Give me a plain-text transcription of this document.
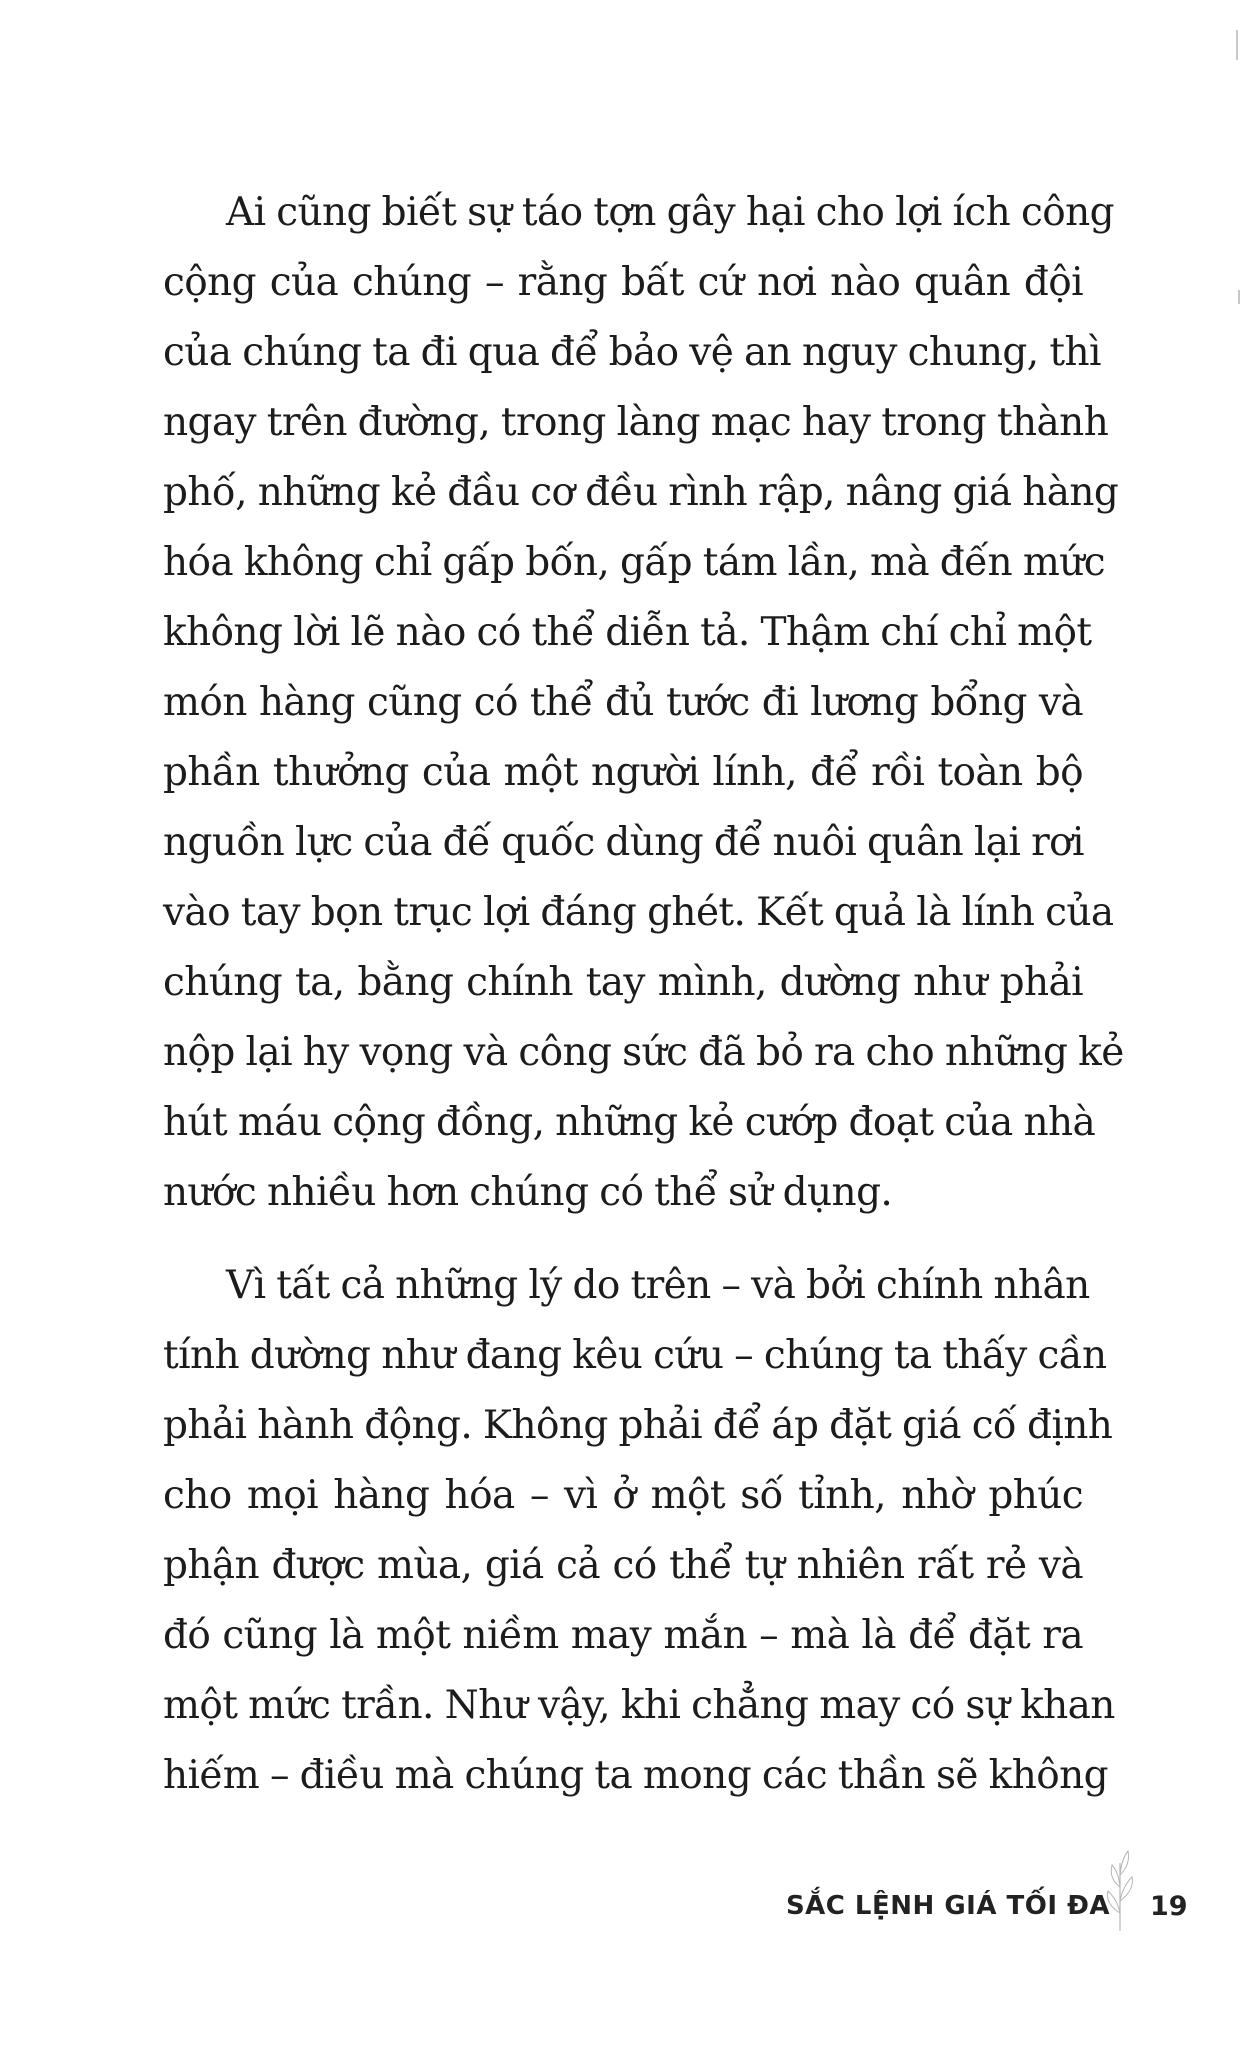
Ai cũng biết sự táo tợn gây hại cho lợi ích công
cộng của chúng – rằng bất cứ nơi nào quân đội
của chúng ta đi qua để bảo vệ an nguy chung, thì
ngay trên đường, trong làng mạc hay trong thành
phố, những kẻ đầu cơ đều rình rập, nâng giá hàng
hóa không chỉ gấp bốn, gấp tám lần, mà đến mức
không lời lẽ nào có thể diễn tả. Thậm chí chỉ một
món hàng cũng có thể đủ tước đi lương bổng và
phần thưởng của một người lính, để rồi toàn bộ
nguồn lực của đế quốc dùng để nuôi quân lại rơi
vào tay bọn trục lợi đáng ghét. Kết quả là lính của
chúng ta, bằng chính tay mình, dường như phải
nộp lại hy vọng và công sức đã bỏ ra cho những kẻ
hút máu cộng đồng, những kẻ cướp đoạt của nhà
nước nhiều hơn chúng có thể sử dụng.
Vì tất cả những lý do trên – và bởi chính nhân
tính dường như đang kêu cứu – chúng ta thấy cần
phải hành động. Không phải để áp đặt giá cố định
cho mọi hàng hóa – vì ở một số tỉnh, nhờ phúc
phận được mùa, giá cả có thể tự nhiên rất rẻ và
đó cũng là một niềm may mắn – mà là để đặt ra
một mức trần. Như vậy, khi chẳng may có sự khan
hiếm – điều mà chúng ta mong các thần sẽ không
SẮC LỆNH GIÁ TỐI ĐA 19
